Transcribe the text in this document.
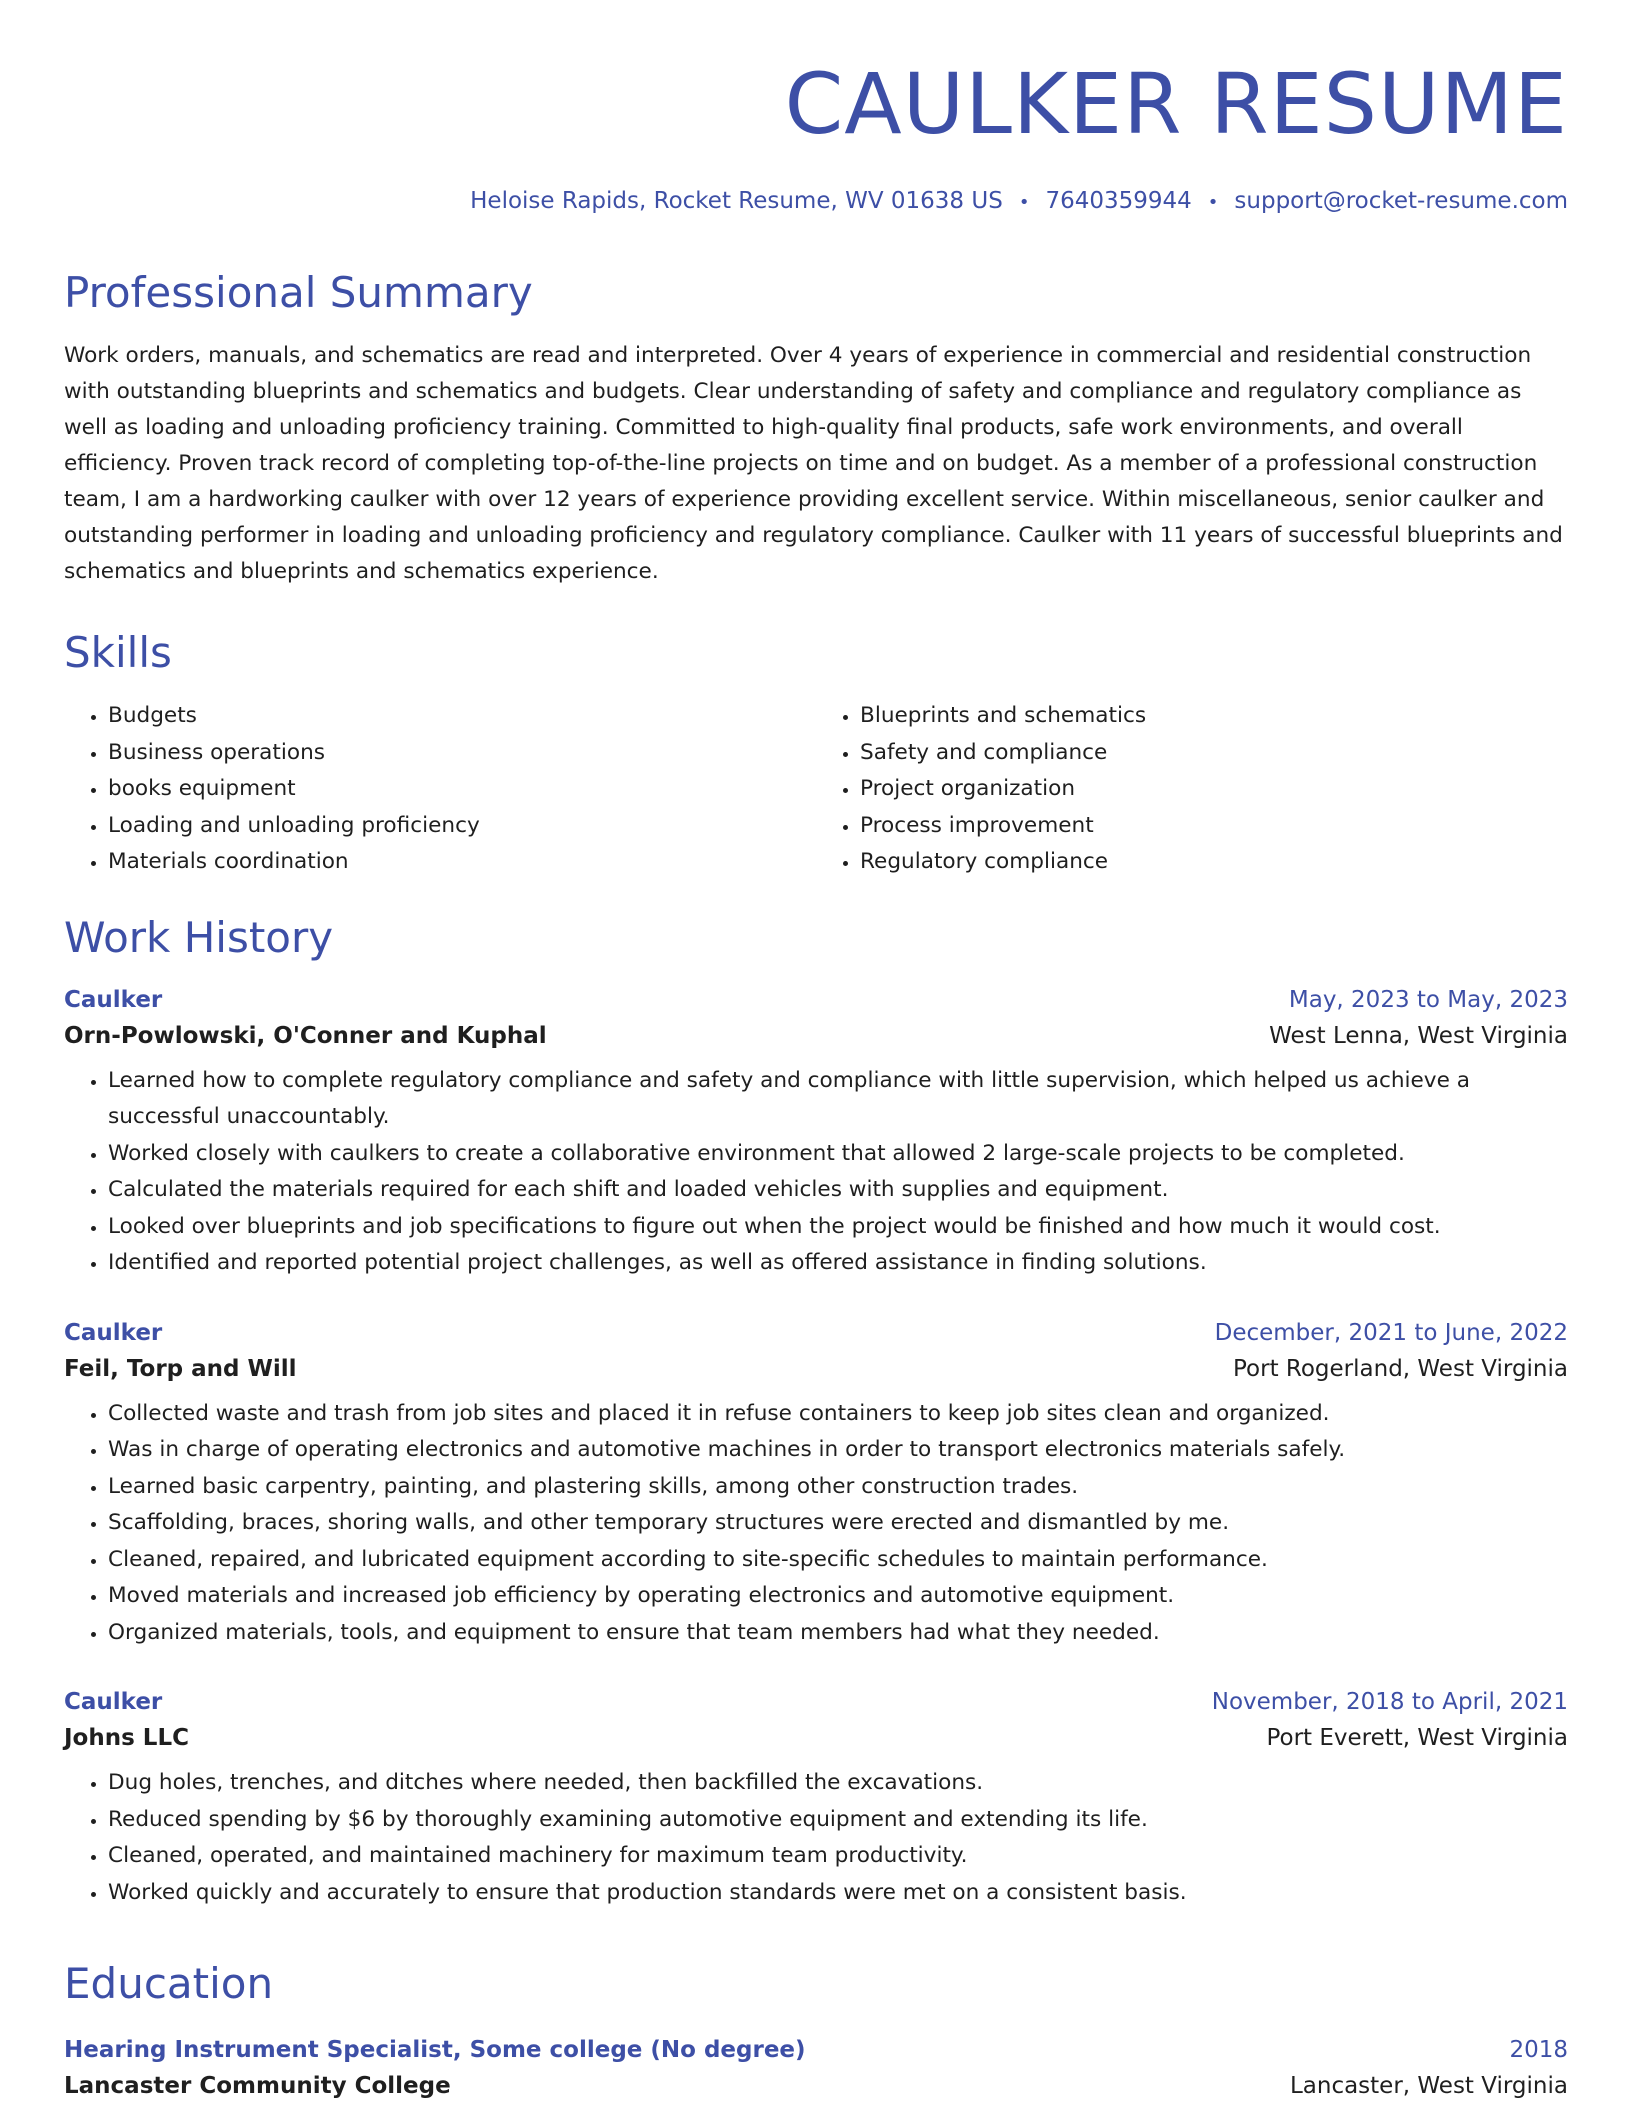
CAULKER RESUME
Heloise Rapids, Rocket Resume, WV 01638 US • 7640359944 • support@rocket-resume.com
Professional Summary
Work orders, manuals, and schematics are read and interpreted. Over 4 years of experience in commercial and residential construction with outstanding blueprints and schematics and budgets. Clear understanding of safety and compliance and regulatory compliance as well as loading and unloading proficiency training. Committed to high-quality final products, safe work environments, and overall efficiency. Proven track record of completing top-of-the-line projects on time and on budget. As a member of a professional construction team, I am a hardworking caulker with over 12 years of experience providing excellent service. Within miscellaneous, senior caulker and outstanding performer in loading and unloading proficiency and regulatory compliance. Caulker with 11 years of successful blueprints and schematics and blueprints and schematics experience.
Skills
• Budgets
• Business operations
• books equipment
• Loading and unloading proficiency
• Materials coordination
• Blueprints and schematics
• Safety and compliance
• Project organization
• Process improvement
• Regulatory compliance
Work History
Caulker	May, 2023 to May, 2023
Orn-Powlowski, O'Conner and Kuphal	West Lenna, West Virginia
• Learned how to complete regulatory compliance and safety and compliance with little supervision, which helped us achieve a successful unaccountably.
• Worked closely with caulkers to create a collaborative environment that allowed 2 large-scale projects to be completed.
• Calculated the materials required for each shift and loaded vehicles with supplies and equipment.
• Looked over blueprints and job specifications to figure out when the project would be finished and how much it would cost.
• Identified and reported potential project challenges, as well as offered assistance in finding solutions.
Caulker	December, 2021 to June, 2022
Feil, Torp and Will	Port Rogerland, West Virginia
• Collected waste and trash from job sites and placed it in refuse containers to keep job sites clean and organized.
• Was in charge of operating electronics and automotive machines in order to transport electronics materials safely.
• Learned basic carpentry, painting, and plastering skills, among other construction trades.
• Scaffolding, braces, shoring walls, and other temporary structures were erected and dismantled by me.
• Cleaned, repaired, and lubricated equipment according to site-specific schedules to maintain performance.
• Moved materials and increased job efficiency by operating electronics and automotive equipment.
• Organized materials, tools, and equipment to ensure that team members had what they needed.
Caulker	November, 2018 to April, 2021
Johns LLC	Port Everett, West Virginia
• Dug holes, trenches, and ditches where needed, then backfilled the excavations.
• Reduced spending by $6 by thoroughly examining automotive equipment and extending its life.
• Cleaned, operated, and maintained machinery for maximum team productivity.
• Worked quickly and accurately to ensure that production standards were met on a consistent basis.
Education
Hearing Instrument Specialist, Some college (No degree)	2018
Lancaster Community College	Lancaster, West Virginia
